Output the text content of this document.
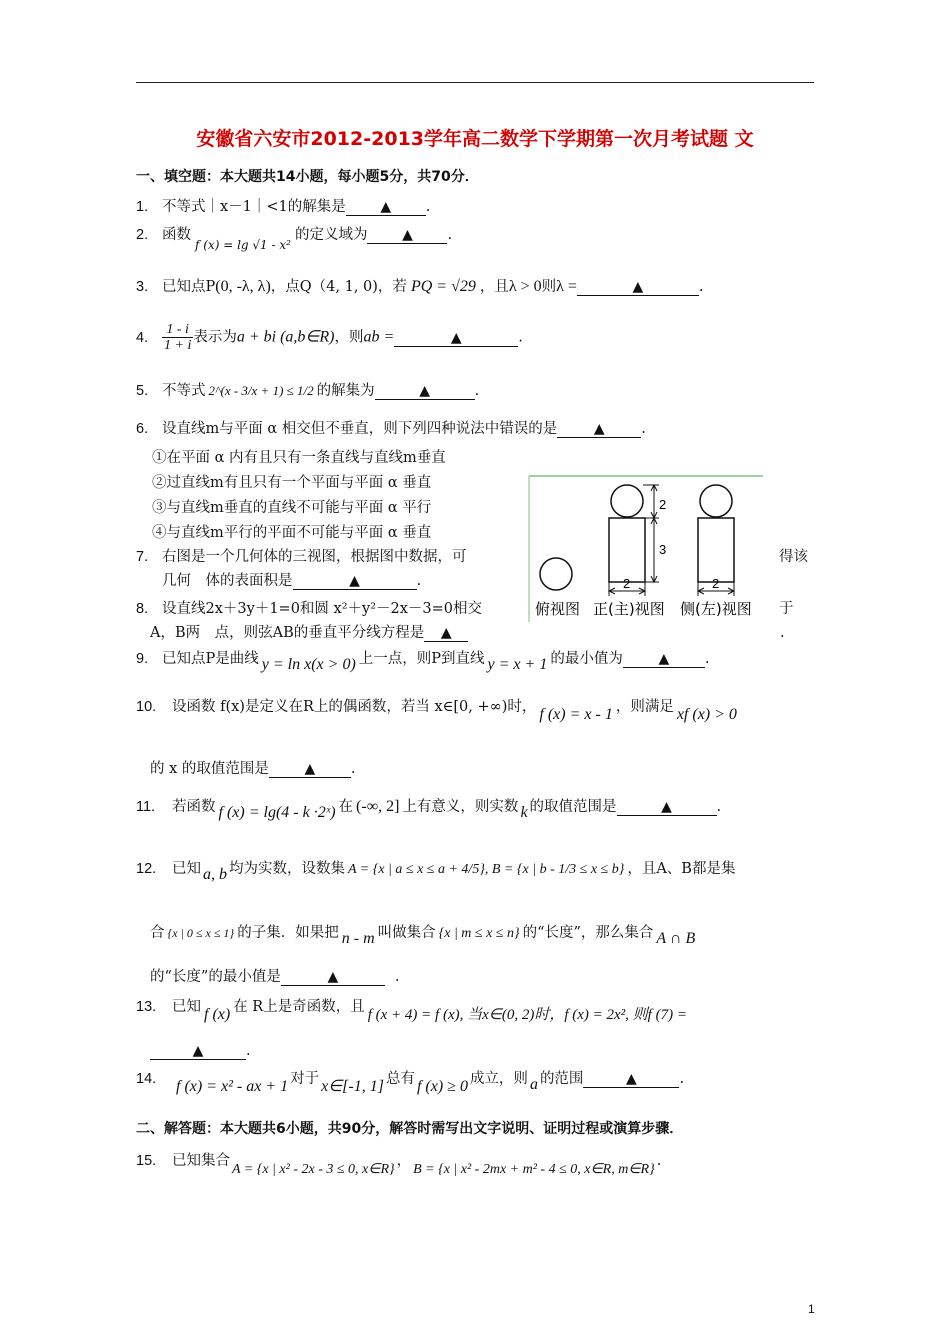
安徽省六安市2012-2013学年高二数学下学期第一次月考试题 文
一、填空题：本大题共14小题，每小题5分，共70分．
1. 不等式｜x－1｜<1的解集是 ▲ .
2. 函数$_{f (x) = lg √1 - x^2}$的定义域为 ▲ .
3. 已知点P(0, -λ, λ)，点Q（4, 1, 0)，若 PQ = √29 ，且λ > 0则λ =	▲	.
4. $\frac{1 - i}{1 + i}$ 表示为a + bi (a,b∈R)，则ab =	▲	.
5. 不等式 2^(x - 3/x + 1) ≤ 1/2 的解集为	▲	.
6. 设直线m与平面 α 相交但不垂直，则下列四种说法中错误的是	▲	.
①在平面 α 内有且只有一条直线与直线m垂直
②过直线m有且只有一个平面与平面 α 垂直
③与直线m垂直的直线不可能与平面 α 平行
④与直线m平行的平面不可能与平面 α 垂直
2
3
2	2
俯视图 正(主)视图 侧(左)视图
7. 右图是一个几何体的三视图，根据图中数据，可	得该
几何　体的表面积是	▲	.
8. 设直线2x＋3y＋1=0和圆 x²＋y²－2x－3=0相交	于
A，B两　点，则弦AB的垂直平分线方程是 ▲	.
9. 已知点P是曲线 y = ln x(x > 0) 上一点，则P到直线 y = x + 1 的最小值为	▲ .
10. 设函数 f(x)是定义在R上的偶函数，若当 x∈[0, +∞)时， f (x) = x - 1 ，则满足 xf (x) > 0
的 x 的取值范围是	▲ .
11. 若函数 f (x) = lg(4 - k ·2ˣ) 在 (-∞, 2] 上有意义，则实数 k 的取值范围是	▲	.
12. 已知 a, b 均为实数，设数集 A = {x | a ≤ x ≤ a + 4/5}, B = {x | b - 1/3 ≤ x ≤ b} ，且A、B都是集
合 {x | 0 ≤ x ≤ 1} 的子集．如果把 n - m 叫做集合 {x | m ≤ x ≤ n} 的“长度”，那么集合 A ∩ B
的“长度”的最小值是	▲	.
13. 已知 f (x) 在 R上是奇函数，且 f (x + 4) = f (x), 当x∈(0, 2)时，f (x) = 2x², 则f (7) =
▲	.
14. f (x) = x² - ax + 1 对于 x∈[-1, 1] 总有 f (x) ≥ 0 成立，则 a 的范围	▲	.
二、解答题：本大题共6小题，共90分，解答时需写出文字说明、证明过程或演算步骤．
15. 已知集合A = {x | x² - 2x - 3 ≤ 0, x∈R}，B = {x | x² - 2mx + m² - 4 ≤ 0, x∈R, m∈R}.
1
